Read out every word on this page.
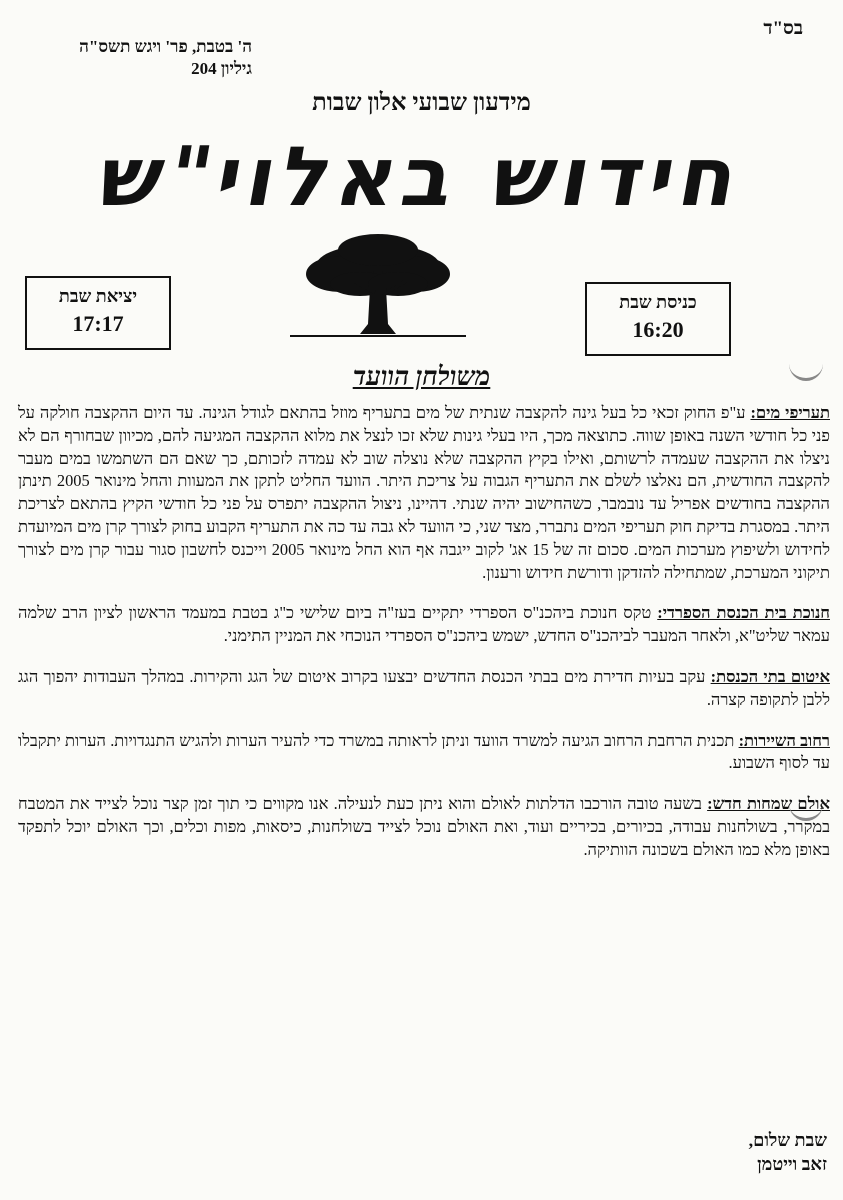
בס"ד
ה' בטבת, פר' ויגש תשס"ה
גיליון 204
מידעון שבועי אלון שבות
חידוש באלוי"ש
יציאת שבת
17:17
כניסת שבת
16:20
משולחן הוועד

תעריפי מים: ע"פ החוק זכאי כל בעל גינה להקצבה שנתית של מים בתעריף מוזל בהתאם לגודל הגינה. עד היום ההקצבה חולקה על פני כל חודשי השנה באופן שווה. כתוצאה מכך, היו בעלי גינות שלא זכו לנצל את מלוא ההקצבה המגיעה להם, מכיוון שבחורף הם לא ניצלו את ההקצבה שעמדה לרשותם, ואילו בקיץ ההקצבה שלא נוצלה שוב לא עמדה לזכותם, כך שאם הם השתמשו במים מעבר להקצבה החודשית, הם נאלצו לשלם את התעריף הגבוה על צריכת היתר. הוועד החליט לתקן את המעוות והחל מינואר 2005 תינתן ההקצבה בחודשים אפריל עד נובמבר, כשהחישוב יהיה שנתי. דהיינו, ניצול ההקצבה יתפרס על פני כל חודשי הקיץ בהתאם לצריכת היתר. במסגרת בדיקת חוק תעריפי המים נתברר, מצד שני, כי הוועד לא גבה עד כה את התעריף הקבוע בחוק לצורך קרן מים המיועדת לחידוש ולשיפוץ מערכות המים. סכום זה של 15 אג' לקוב ייגבה אף הוא החל מינואר 2005 וייכנס לחשבון סגור עבור קרן מים לצורך תיקוני המערכת, שמתחילה להזדקן ודורשת חידוש ורענון.

חנוכת בית הכנסת הספרדי: טקס חנוכת ביהכנ"ס הספרדי יתקיים בעז"ה ביום שלישי כ"ג בטבת במעמד הראשון לציון הרב שלמה עמאר שליט"א, ולאחר המעבר לביהכנ"ס החדש, ישמש ביהכנ"ס הספרדי הנוכחי את המניין התימני.

איטום בתי הכנסת: עקב בעיות חדירת מים בבתי הכנסת החדשים יבצעו בקרוב איטום של הגג והקירות. במהלך העבודות יהפוך הגג ללבן לתקופה קצרה.

רחוב השיירות: תכנית הרחבת הרחוב הגיעה למשרד הוועד וניתן לראותה במשרד כדי להעיר הערות ולהגיש התנגדויות. הערות יתקבלו עד לסוף השבוע.

אולם שמחות חדש: בשעה טובה הורכבו הדלתות לאולם והוא ניתן כעת לנעילה. אנו מקווים כי תוך זמן קצר נוכל לצייד את המטבח במקרר, בשולחנות עבודה, בכיורים, בכיריים ועוד, ואת האולם נוכל לצייד בשולחנות, כיסאות, מפות וכלים, וכך האולם יוכל לתפקד באופן מלא כמו האולם בשכונה הוותיקה.

שבת שלום,
זאב וייטמן
